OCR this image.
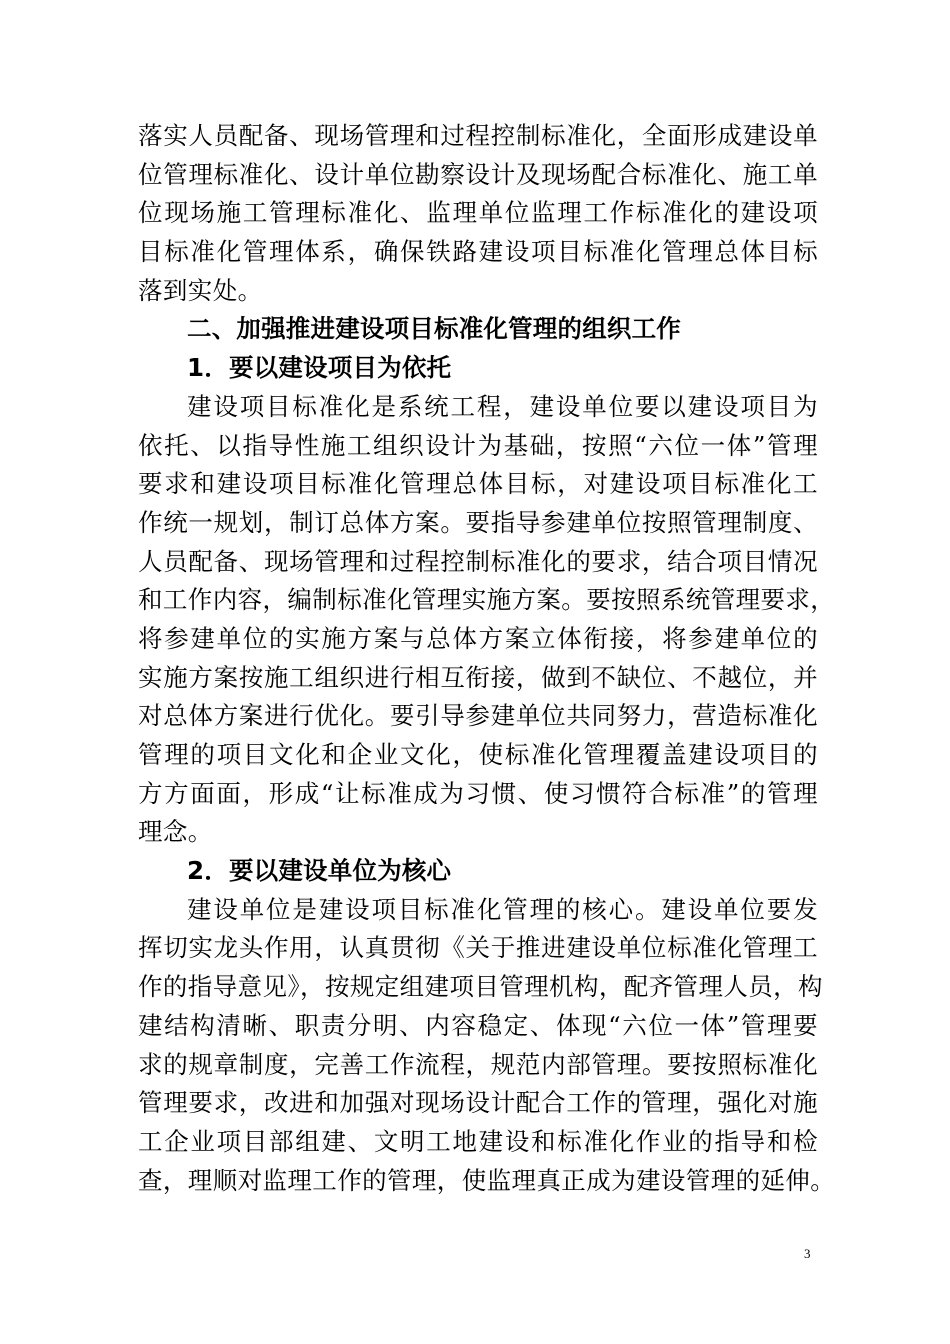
落实人员配备、现场管理和过程控制标准化，全面形成建设单
位管理标准化、设计单位勘察设计及现场配合标准化、施工单
位现场施工管理标准化、监理单位监理工作标准化的建设项
目标准化管理体系，确保铁路建设项目标准化管理总体目标
落到实处。
二、加强推进建设项目标准化管理的组织工作
1．要以建设项目为依托
建设项目标准化是系统工程，建设单位要以建设项目为
依托、以指导性施工组织设计为基础，按照“六位一体”管理
要求和建设项目标准化管理总体目标，对建设项目标准化工
作统一规划，制订总体方案。要指导参建单位按照管理制度、
人员配备、现场管理和过程控制标准化的要求，结合项目情况
和工作内容，编制标准化管理实施方案。要按照系统管理要求，
将参建单位的实施方案与总体方案立体衔接，将参建单位的
实施方案按施工组织进行相互衔接，做到不缺位、不越位，并
对总体方案进行优化。要引导参建单位共同努力，营造标准化
管理的项目文化和企业文化，使标准化管理覆盖建设项目的
方方面面，形成“让标准成为习惯、使习惯符合标准”的管理
理念。
2．要以建设单位为核心
建设单位是建设项目标准化管理的核心。建设单位要发
挥切实龙头作用，认真贯彻《关于推进建设单位标准化管理工
作的指导意见》，按规定组建项目管理机构，配齐管理人员，构
建结构清晰、职责分明、内容稳定、体现“六位一体”管理要
求的规章制度，完善工作流程，规范内部管理。要按照标准化
管理要求，改进和加强对现场设计配合工作的管理，强化对施
工企业项目部组建、文明工地建设和标准化作业的指导和检
查，理顺对监理工作的管理，使监理真正成为建设管理的延伸。
3
